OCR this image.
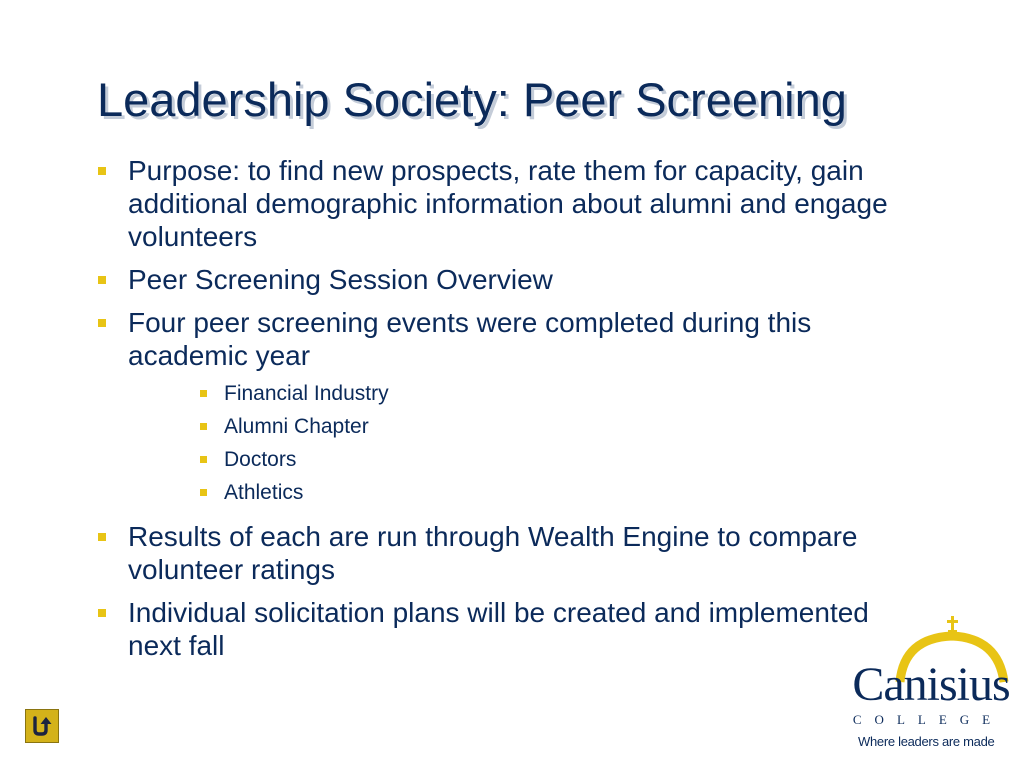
Leadership Society: Peer Screening
Purpose: to find new prospects, rate them for capacity, gain additional demographic information about alumni and engage volunteers
Peer Screening Session Overview
Four peer screening events were completed during this academic year
Financial Industry
Alumni Chapter
Doctors
Athletics
Results of each are run through Wealth Engine to compare volunteer ratings
Individual solicitation plans will be created and implemented next fall
Canisius
COLLEGE
Where leaders are made
